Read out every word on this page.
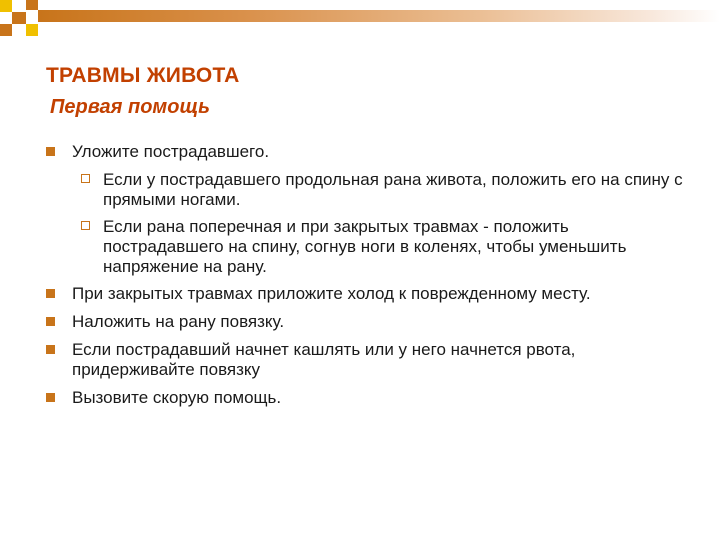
ТРАВМЫ ЖИВОТА
Первая помощь
Уложите пострадавшего.
Если у пострадавшего продольная рана живота, положить его на спину с прямыми ногами.
Если рана поперечная и при закрытых травмах - положить пострадавшего на спину, согнув ноги в коленях, чтобы уменьшить напряжение на рану.
При закрытых травмах приложите холод к поврежденному месту.
Наложить на рану повязку.
Если пострадавший начнет кашлять или у него начнется рвота, придерживайте повязку
Вызовите скорую помощь.
